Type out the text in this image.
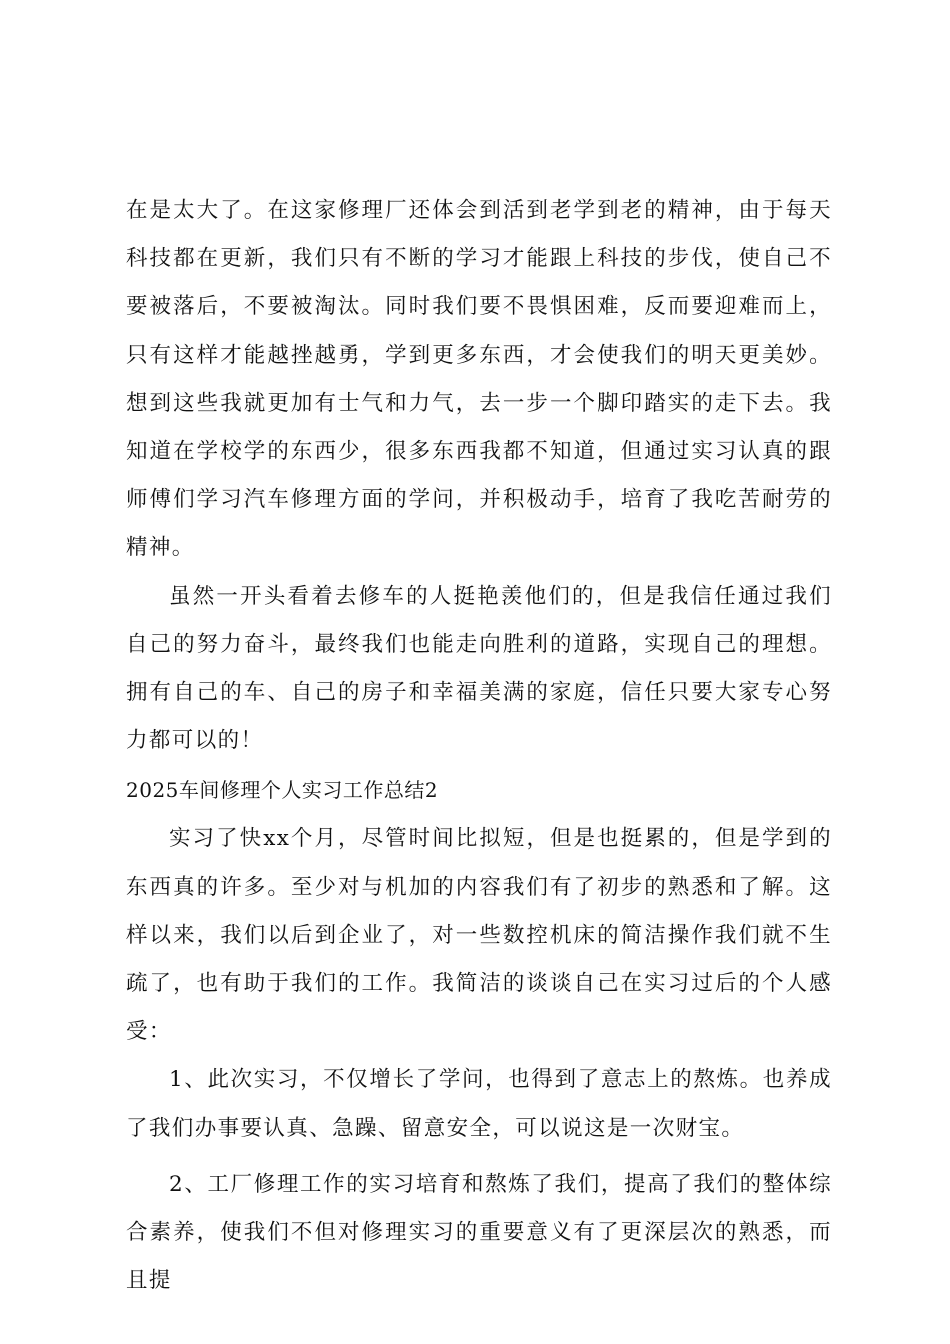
在是太大了。在这家修理厂还体会到活到老学到老的精神，由于每天科技都在更新，我们只有不断的学习才能跟上科技的步伐，使自己不要被落后，不要被淘汰。同时我们要不畏惧困难，反而要迎难而上，只有这样才能越挫越勇，学到更多东西，才会使我们的明天更美妙。想到这些我就更加有士气和力气，去一步一个脚印踏实的走下去。我知道在学校学的东西少，很多东西我都不知道，但通过实习认真的跟师傅们学习汽车修理方面的学问，并积极动手，培育了我吃苦耐劳的精神。

虽然一开头看着去修车的人挺艳羡他们的，但是我信任通过我们自己的努力奋斗，最终我们也能走向胜利的道路，实现自己的理想。拥有自己的车、自己的房子和幸福美满的家庭，信任只要大家专心努力都可以的！

2025车间修理个人实习工作总结2

实习了快xx个月，尽管时间比拟短，但是也挺累的，但是学到的东西真的许多。至少对与机加的内容我们有了初步的熟悉和了解。这样以来，我们以后到企业了，对一些数控机床的简洁操作我们就不生疏了，也有助于我们的工作。我简洁的谈谈自己在实习过后的个人感受：

1、此次实习，不仅增长了学问，也得到了意志上的熬炼。也养成了我们办事要认真、急躁、留意安全，可以说这是一次财宝。

2、工厂修理工作的实习培育和熬炼了我们，提高了我们的整体综合素养，使我们不但对修理实习的重要意义有了更深层次的熟悉，而且提
